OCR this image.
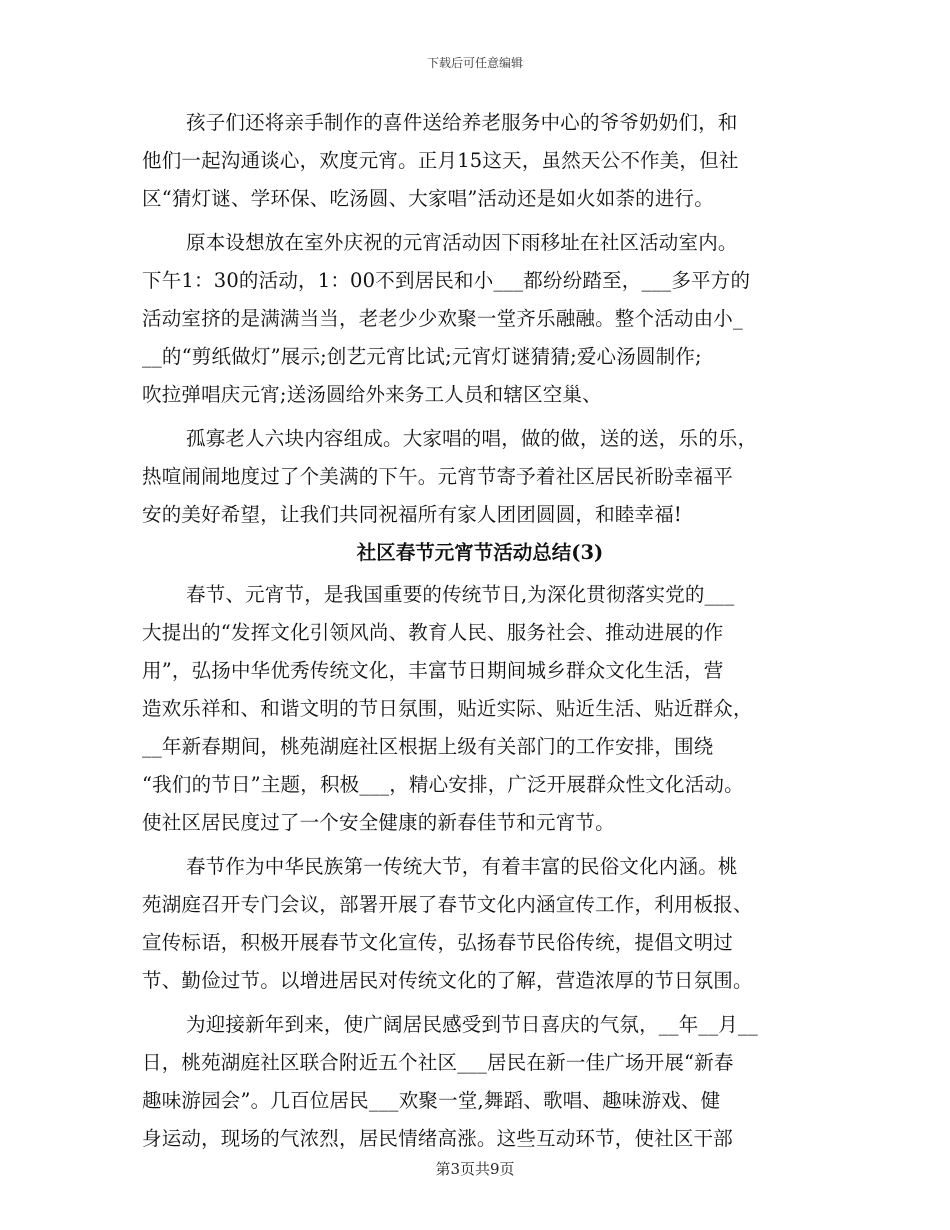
下载后可任意编辑
孩子们还将亲手制作的喜件送给养老服务中心的爷爷奶奶们，和
他们一起沟通谈心，欢度元宵。正月15这天，虽然天公不作美，但社
区“猜灯谜、学环保、吃汤圆、大家唱”活动还是如火如荼的进行。
原本设想放在室外庆祝的元宵活动因下雨移址在社区活动室内。
下午1：30的活动，1：00不到居民和小___都纷纷踏至，___多平方的
活动室挤的是满满当当，老老少少欢聚一堂齐乐融融。整个活动由小_
__的“剪纸做灯”展示;创艺元宵比试;元宵灯谜猜猜;爱心汤圆制作;
吹拉弹唱庆元宵;送汤圆给外来务工人员和辖区空巢、
孤寡老人六块内容组成。大家唱的唱，做的做，送的送，乐的乐，
热喧闹闹地度过了个美满的下午。元宵节寄予着社区居民祈盼幸福平
安的美好希望，让我们共同祝福所有家人团团圆圆，和睦幸福!
社区春节元宵节活动总结(3)
春节、元宵节，是我国重要的传统节日,为深化贯彻落实党的___
大提出的“发挥文化引领风尚、教育人民、服务社会、推动进展的作
用”，弘扬中华优秀传统文化，丰富节日期间城乡群众文化生活，营
造欢乐祥和、和谐文明的节日氛围，贴近实际、贴近生活、贴近群众，
__年新春期间，桃苑湖庭社区根据上级有关部门的工作安排，围绕
“我们的节日”主题，积极___，精心安排，广泛开展群众性文化活动。
使社区居民度过了一个安全健康的新春佳节和元宵节。
春节作为中华民族第一传统大节，有着丰富的民俗文化内涵。桃
苑湖庭召开专门会议，部署开展了春节文化内涵宣传工作，利用板报、
宣传标语，积极开展春节文化宣传，弘扬春节民俗传统，提倡文明过
节、勤俭过节。以增进居民对传统文化的了解，营造浓厚的节日氛围。
为迎接新年到来，使广阔居民感受到节日喜庆的气氛，__年__月__
日，桃苑湖庭社区联合附近五个社区___居民在新一佳广场开展“新春
趣味游园会”。几百位居民___欢聚一堂,舞蹈、歌唱、趣味游戏、健
身运动，现场的气浓烈，居民情绪高涨。这些互动环节，使社区干部
第3页共9页
